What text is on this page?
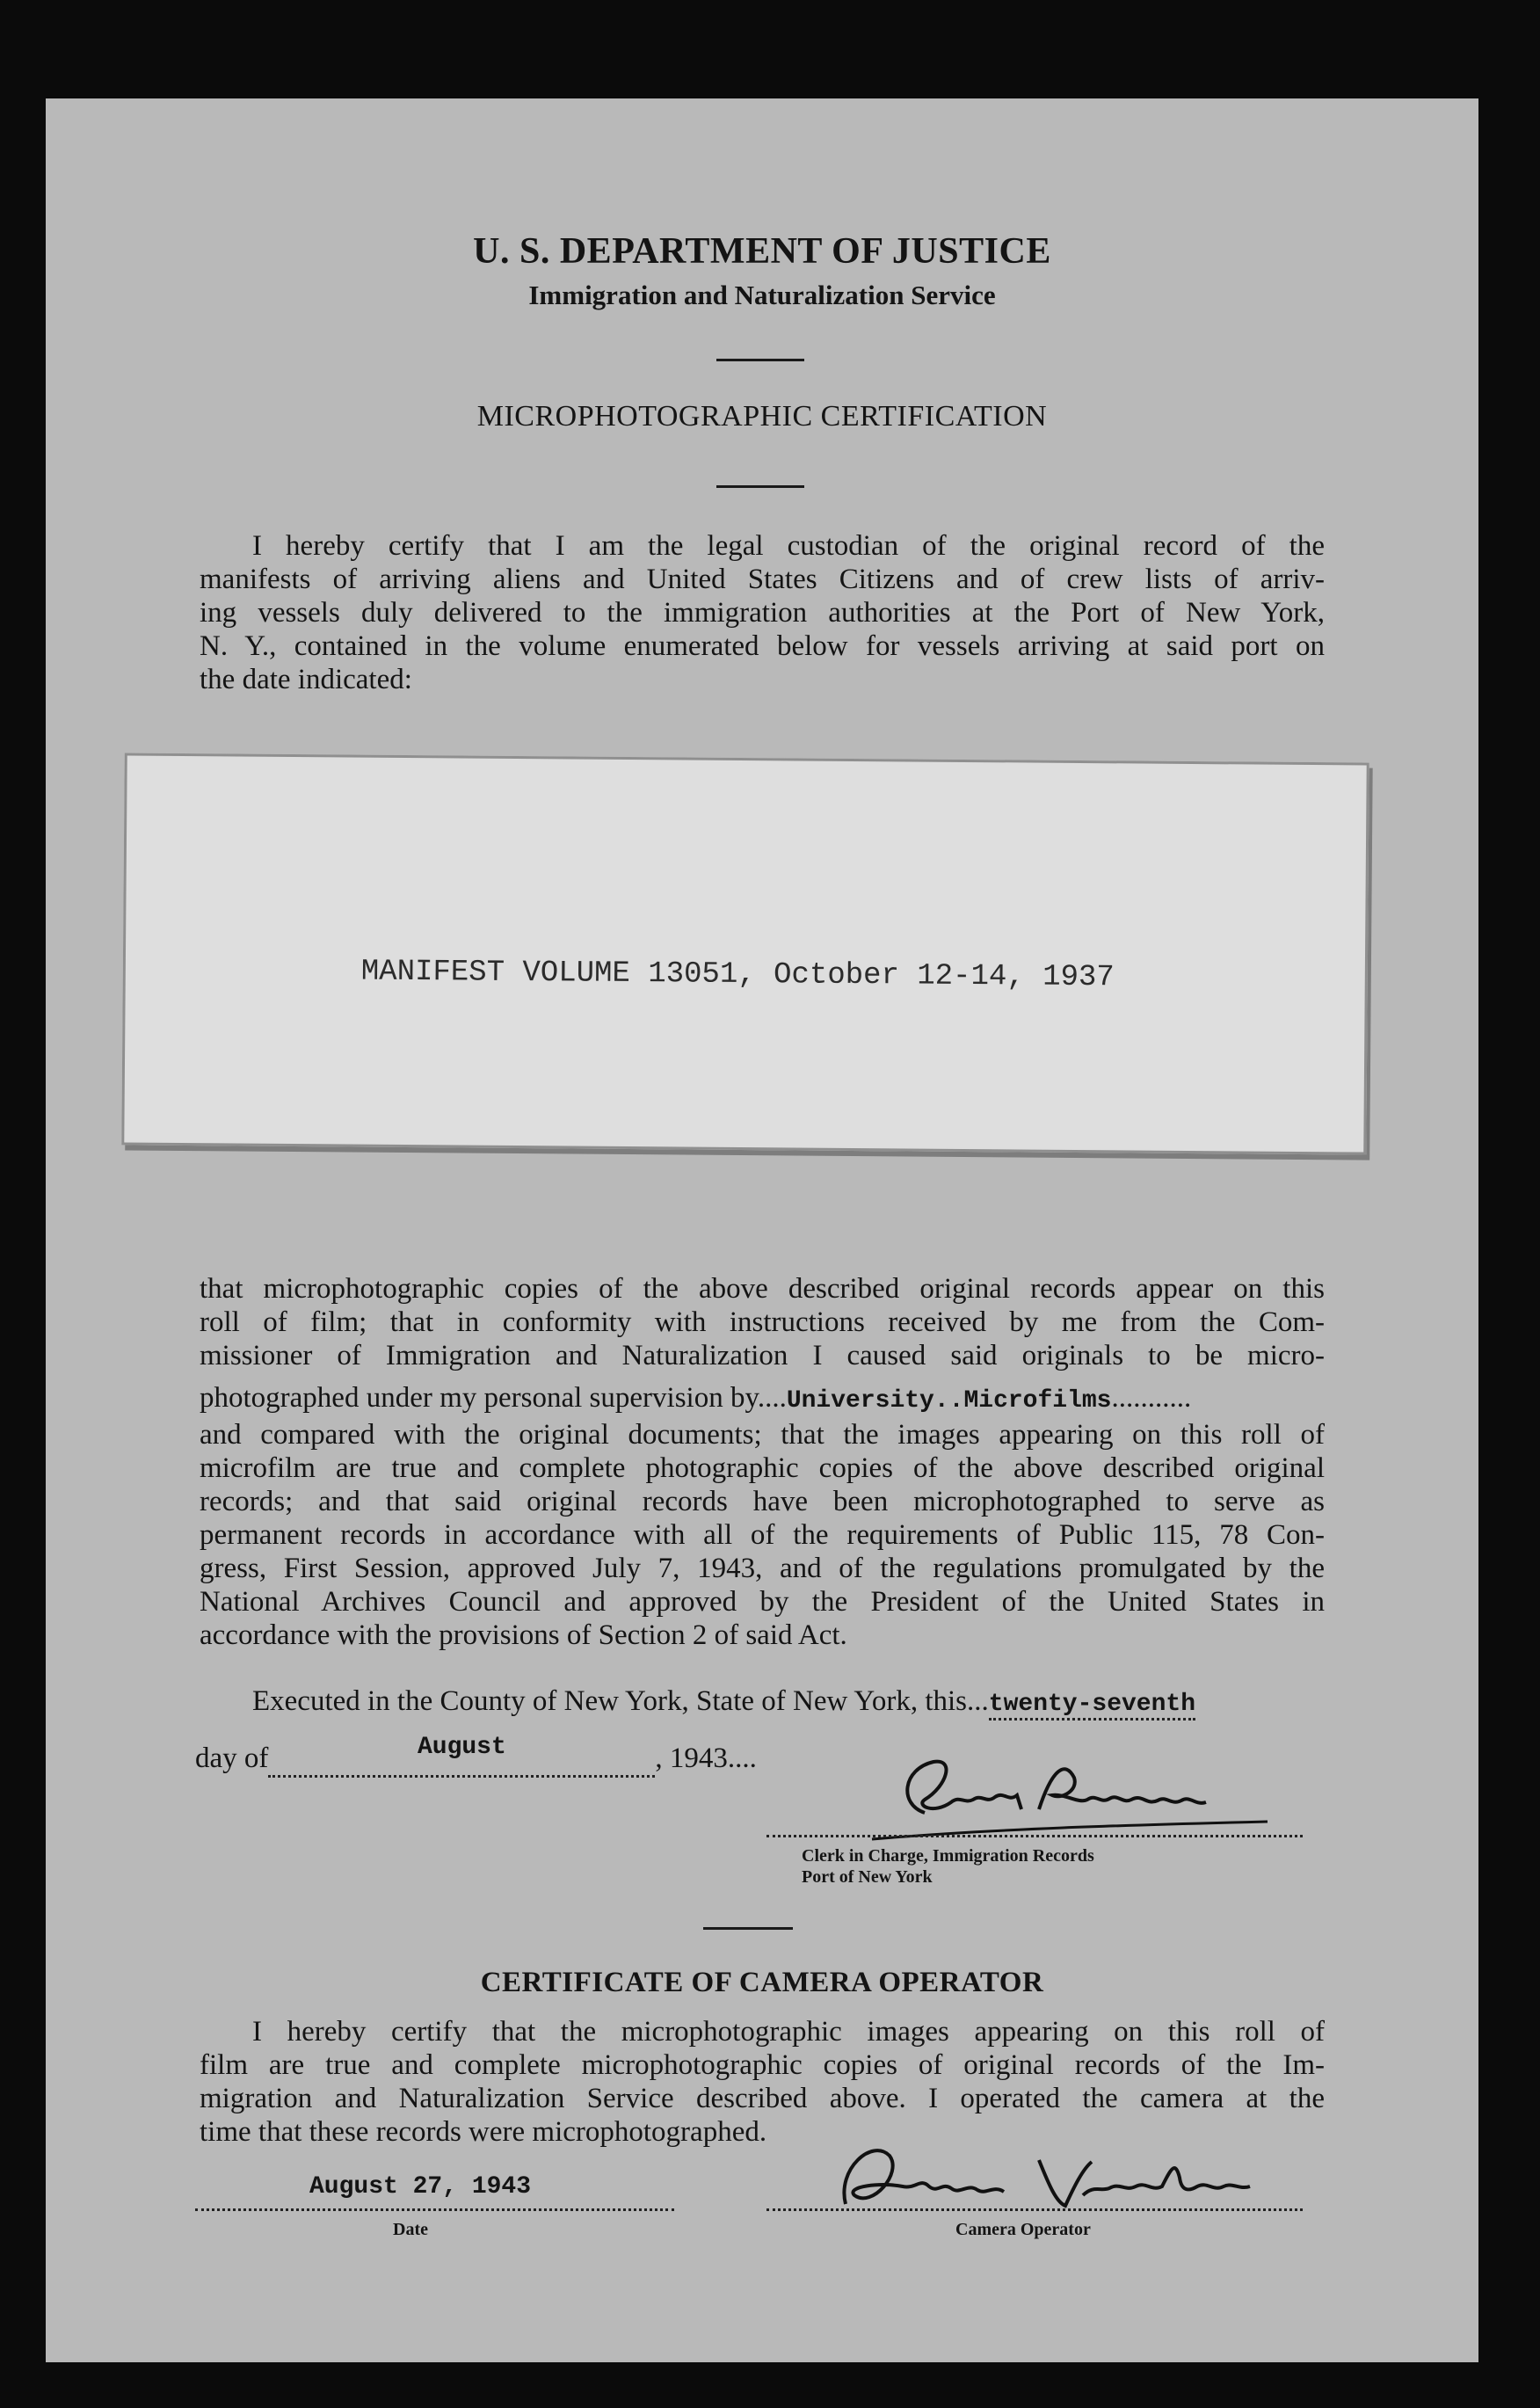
U. S. DEPARTMENT OF JUSTICE
Immigration and Naturalization Service
MICROPHOTOGRAPHIC CERTIFICATION
I hereby certify that I am the legal custodian of the original record of the
manifests of arriving aliens and United States Citizens and of crew lists of arriv-
ing vessels duly delivered to the immigration authorities at the Port of New York,
N. Y., contained in the volume enumerated below for vessels arriving at said port on
the date indicated:
MANIFEST VOLUME 13051, October 12-14, 1937
that microphotographic copies of the above described original records appear on this
roll of film; that in conformity with instructions received by me from the Com-
missioner of Immigration and Naturalization I caused said originals to be micro-
photographed under my personal supervision by....University..Microfilms...........
and compared with the original documents; that the images appearing on this roll of
microfilm are true and complete photographic copies of the above described original
records; and that said original records have been microphotographed to serve as
permanent records in accordance with all of the requirements of Public 115, 78 Con-
gress, First Session, approved July 7, 1943, and of the regulations promulgated by the
National Archives Council and approved by the President of the United States in
accordance with the provisions of Section 2 of said Act.
Executed in the County of New York, State of New York, this...twenty-seventh
day of	$^{August}$	, 1943....
Clerk in Charge, Immigration Records
Port of New York
CERTIFICATE OF CAMERA OPERATOR
I hereby certify that the microphotographic images appearing on this roll of
film are true and complete microphotographic copies of original records of the Im-
migration and Naturalization Service described above. I operated the camera at the
time that these records were microphotographed.
August 27, 1943
Date	Camera Operator
